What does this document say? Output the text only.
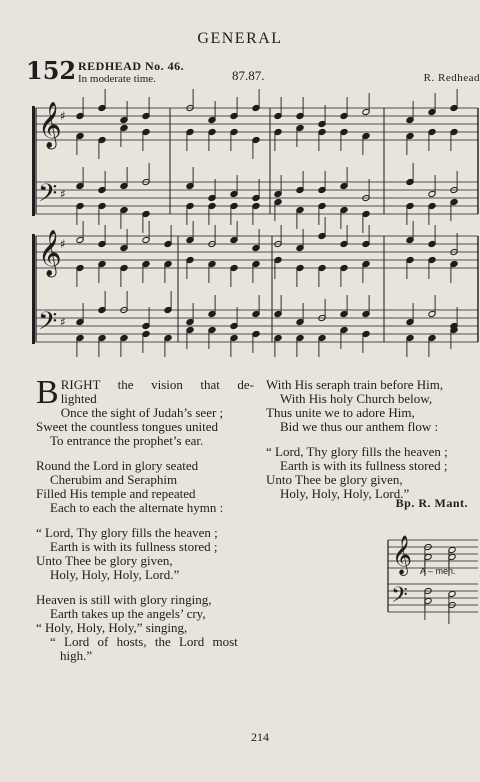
GENERAL
152 REDHEAD No. 46.
In moderate time.	87.87.	R. Redhead
𝄞
𝄢
♯
♯
𝄞
𝄢
♯
♯
𝄞
𝄢
B RIGHT the vision that de-
lighted
Once the sight of Judah’s seer ;
Sweet the countless tongues united
To entrance the prophet’s ear.
Round the Lord in glory seated
Cherubim and Seraphim
Filled His temple and repeated
Each to each the alternate hymn :
“ Lord, Thy glory fills the heaven ;
Earth is with its fullness stored ;
Unto Thee be glory given,
Holy, Holy, Holy, Lord.”
Heaven is still with glory ringing,
Earth takes up the angels’ cry,
“ Holy, Holy, Holy,” singing,
“ Lord of hosts, the Lord most
high.”
With His seraph train before Him,
With His holy Church below,
Thus unite we to adore Him,
Bid we thus our anthem flow :
“ Lord, Thy glory fills the heaven ;
Earth is with its fullness stored ;
Unto Thee be glory given,
Holy, Holy, Holy, Lord.”
Bp. R. Mant.
A – men.
214
